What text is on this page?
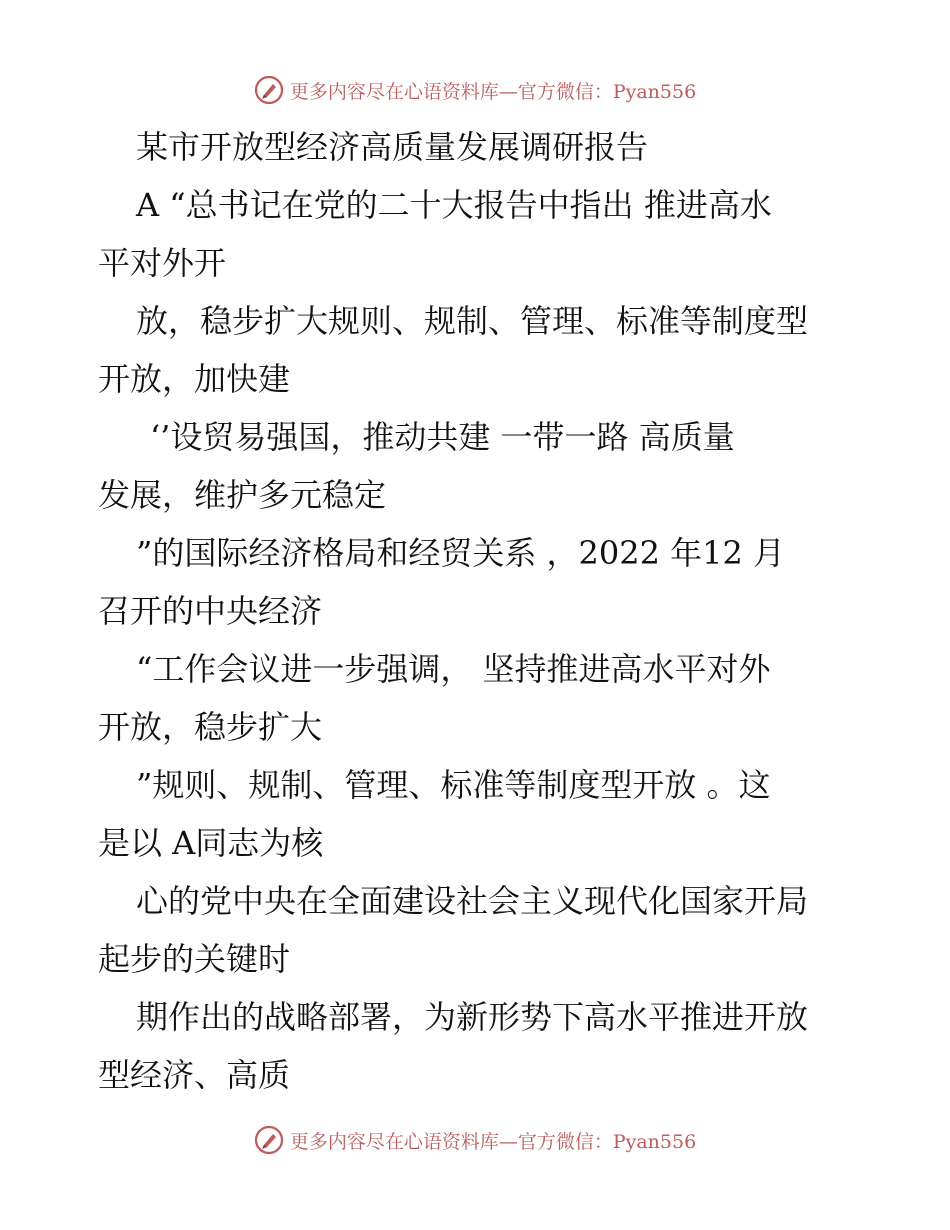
更多内容尽在心语资料库—官方微信：Pyan556
某市开放型经济高质量发展调研报告
A “总书记在党的二十大报告中指出 推进高水
平对外开
放，稳步扩大规则、规制、管理、标准等制度型
开放，加快建
‘’设贸易强国，推动共建 一带一路 高质量
发展，维护多元稳定
”的国际经济格局和经贸关系 ，2022 年12 月
召开的中央经济
“工作会议进一步强调， 坚持推进高水平对外
开放，稳步扩大
”规则、规制、管理、标准等制度型开放 。这
是以 A同志为核
心的党中央在全面建设社会主义现代化国家开局
起步的关键时
期作出的战略部署，为新形势下高水平推进开放
型经济、高质
更多内容尽在心语资料库—官方微信：Pyan556
